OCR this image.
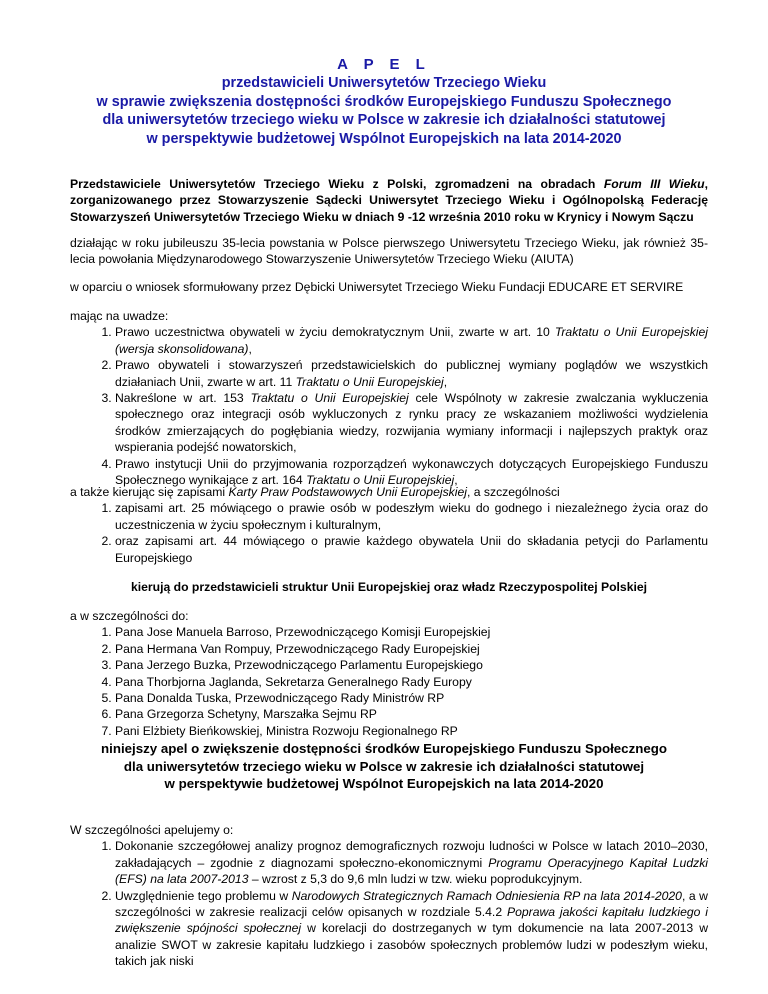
A P E L
przedstawicieli Uniwersytetów Trzeciego Wieku
w sprawie zwiększenia dostępności środków Europejskiego Funduszu Społecznego
dla uniwersytetów trzeciego wieku w Polsce w zakresie ich działalności statutowej
w perspektywie budżetowej Wspólnot Europejskich na lata 2014-2020
Przedstawiciele Uniwersytetów Trzeciego Wieku z Polski, zgromadzeni na obradach Forum III Wieku, zorganizowanego przez Stowarzyszenie Sądecki Uniwersytet Trzeciego Wieku i Ogólnopolską Federację Stowarzyszeń Uniwersytetów Trzeciego Wieku w dniach 9 -12 września 2010 roku w Krynicy i Nowym Sączu
działając w roku jubileuszu 35-lecia powstania w Polsce pierwszego Uniwersytetu Trzeciego Wieku, jak również 35-lecia powołania Międzynarodowego Stowarzyszenie Uniwersytetów Trzeciego Wieku (AIUTA)
w oparciu o wniosek sformułowany przez Dębicki Uniwersytet Trzeciego Wieku Fundacji EDUCARE ET SERVIRE
mając na uwadze:
1. Prawo uczestnictwa obywateli w życiu demokratycznym Unii, zwarte w art. 10 Traktatu o Unii Europejskiej (wersja skonsolidowana),
2. Prawo obywateli i stowarzyszeń przedstawicielskich do publicznej wymiany poglądów we wszystkich działaniach Unii, zwarte w art. 11 Traktatu o Unii Europejskiej,
3. Nakreślone w art. 153 Traktatu o Unii Europejskiej cele Wspólnoty w zakresie zwalczania wykluczenia społecznego oraz integracji osób wykluczonych z rynku pracy ze wskazaniem możliwości wydzielenia środków zmierzających do pogłębiania wiedzy, rozwijania wymiany informacji i najlepszych praktyk oraz wspierania podejść nowatorskich,
4. Prawo instytucji Unii do przyjmowania rozporządzeń wykonawczych dotyczących Europejskiego Funduszu Społecznego wynikające z art. 164 Traktatu o Unii Europejskiej,
a także kierując się zapisami Karty Praw Podstawowych Unii Europejskiej, a szczególności
1. zapisami art. 25 mówiącego o prawie osób w podeszłym wieku do godnego i niezależnego życia oraz do uczestniczenia w życiu społecznym i kulturalnym,
2. oraz zapisami art. 44 mówiącego o prawie każdego obywatela Unii do składania petycji do Parlamentu Europejskiego
kierują do przedstawicieli struktur Unii Europejskiej oraz władz Rzeczypospolitej Polskiej
a w szczególności do:
1. Pana Jose Manuela Barroso, Przewodniczącego Komisji Europejskiej
2. Pana Hermana Van Rompuy, Przewodniczącego Rady Europejskiej
3. Pana Jerzego Buzka, Przewodniczącego Parlamentu Europejskiego
4. Pana Thorbjorna Jaglanda, Sekretarza Generalnego Rady Europy
5. Pana Donalda Tuska, Przewodniczącego Rady Ministrów RP
6. Pana Grzegorza Schetyny, Marszałka Sejmu RP
7. Pani Elżbiety Bieńkowskiej, Ministra Rozwoju Regionalnego RP
niniejszy apel o zwiększenie dostępności środków Europejskiego Funduszu Społecznego
dla uniwersytetów trzeciego wieku w Polsce w zakresie ich działalności statutowej
w perspektywie budżetowej Wspólnot Europejskich na lata 2014-2020
W szczególności apelujemy o:
1. Dokonanie szczegółowej analizy prognoz demograficznych rozwoju ludności w Polsce w latach 2010–2030, zakładających – zgodnie z diagnozami społeczno-ekonomicznymi Programu Operacyjnego Kapitał Ludzki (EFS) na lata 2007-2013 – wzrost z 5,3 do 9,6 mln ludzi w tzw. wieku poprodukcyjnym.
2. Uwzględnienie tego problemu w Narodowych Strategicznych Ramach Odniesienia RP na lata 2014-2020, a w szczególności w zakresie realizacji celów opisanych w rozdziale 5.4.2 Poprawa jakości kapitału ludzkiego i zwiększenie spójności społecznej w korelacji do dostrzeganych w tym dokumencie na lata 2007-2013 w analizie SWOT w zakresie kapitału ludzkiego i zasobów społecznych problemów ludzi w podeszłym wieku, takich jak niski
